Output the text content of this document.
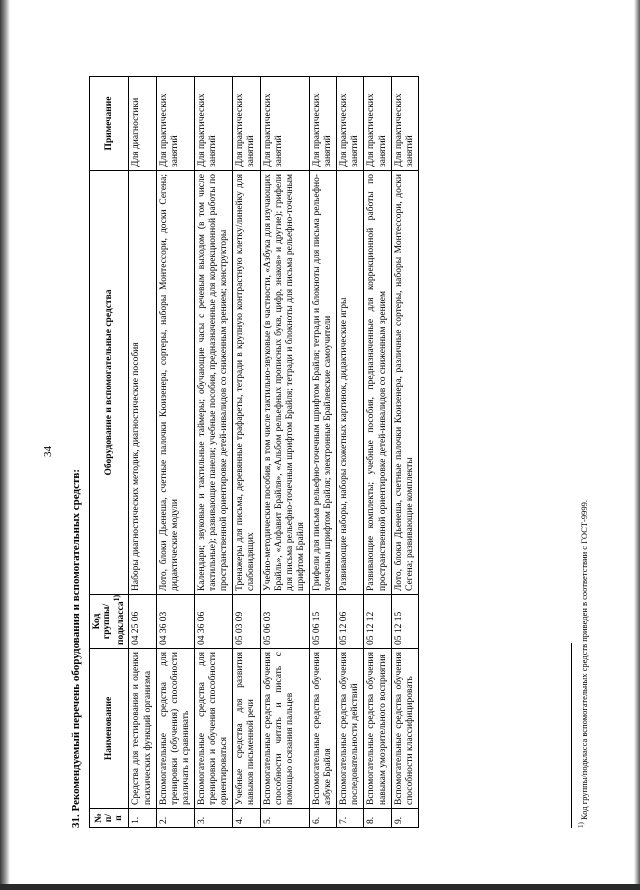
34
31. Рекомендуемый перечень оборудования и вспомогательных средств: № п/п	Наименование	Код группы/ подкласса$^{1)}$	Оборудование и вспомогательные средства	Примечание
1.	Средства для тестирования и оценки психических функций организма	04 25 06	Наборы диагностических методик, диагностические пособия	Для диагностики
2.	Вспомогательные средства для тренировки (обучения) способности различать и сравнивать	04 36 03	Лото, блоки Дьенеша, счетные палочки Кюизенера, сортеры, наборы Монтессори, доски Сегена; дидактические модули	Для практических занятий
3.	Вспомогательные средства для тренировки и обучения способности ориентироваться	04 36 06	Календари; звуковые и тактильные таймеры; обучающие часы с речевым выходом (в том числе тактильные); развивающие панели; учебные пособия, предназначенные для коррекционной работы по пространственной ориентировке детей-инвалидов со сниженным зрением; конструкторы	Для практических занятий
4.	Учебные средства для развития навыков письменной речи	05 03 09	Тренажеры для письма, деревянные трафареты, тетради в крупную контрастную клетку/линейку для слабовидящих	Для практических занятий
5.	Вспомогательные средства обучения способности читать и писать с помощью осязания пальцев	05 06 03	Учебно-методические пособия, в том числе тактильно-звуковые (в частности, «Азбука для изучающих Брайль», «Алфавит Брайля», «Альбом рельефных прописных букв, цифр, знаков» и другие); грифели для письма рельефно-точечным шрифтом Брайля; тетради и блокноты для письма рельефно-точечным шрифтом Брайля	Для практических занятий
6.	Вспомогательные средства обучения азбуке Брайля	05 06 15	Грифели для письма рельефно-точечным шрифтом Брайля; тетради и блокноты для письма рельефно-точечным шрифтом Брайля; электронные Брайлевские самоучители	Для практических занятий
7.	Вспомогательные средства обучения последовательности действий	05 12 06	Развивающие наборы, наборы сюжетных картинок, дидактические игры	Для практических занятий
8.	Вспомогательные средства обучения навыкам умозрительного восприятия	05 12 12	Развивающие комплекты; учебные пособия, предназначенные для коррекционной работы по пространственной ориентировке детей-инвалидов со сниженным зрением	Для практических занятий
9.	Вспомогательные средства обучения способности классифицировать	05 12 15	Лото, блоки Дьенеша, счетные палочки Кюизенера, различные сортеры, наборы Монтессори, доски Сегена; развивающие комплекты	Для практических занятий
$^{1)}$ Код группы/подкласса вспомогательных средств приведен в соответствии с ГОСТ-9999.
